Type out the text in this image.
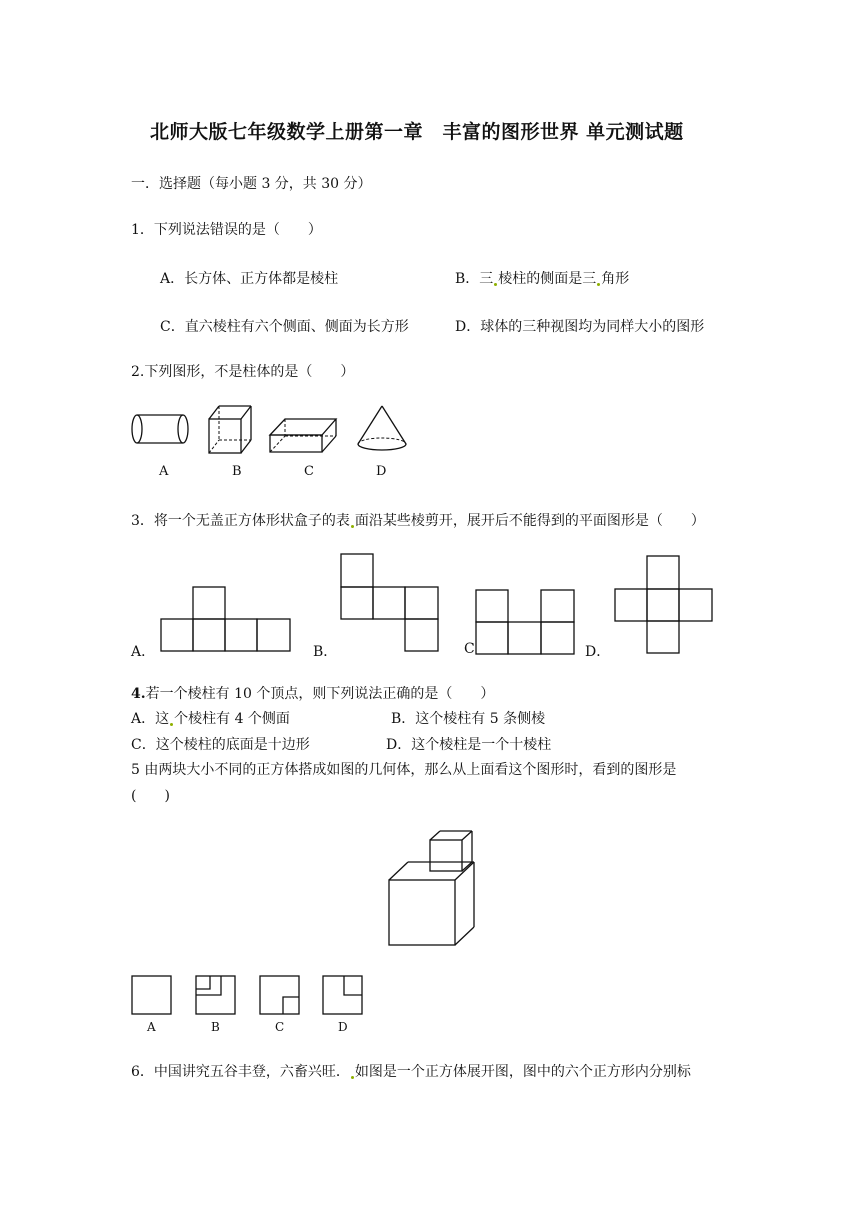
北师大版七年级数学上册第一章　丰富的图形世界 单元测试题
一．选择题（每小题 3 分，共 30 分）
1．下列说法错误的是（　　）
A．长方体、正方体都是棱柱	B．三 棱柱的侧面是三 角形
C．直六棱柱有六个侧面、侧面为长方形	D．球体的三种视图均为同样大小的图形
2.下列图形，不是柱体的是（　　）
A	B	C	D
3．将一个无盖正方体形状盒子的表 面沿某些棱剪开，展开后不能得到的平面图形是（　　）
A．	B．	C	D．
4.若一个棱柱有 10 个顶点，则下列说法正确的是（　　）
A．这 个棱柱有 4 个侧面	B．这个棱柱有 5 条侧棱
C．这个棱柱的底面是十边形	D．这个棱柱是一个十棱柱
5 由两块大小不同的正方体搭成如图的几何体，那么从上面看这个图形时，看到的图形是
(　　)
A	B	C	D
6．中国讲究五谷丰登，六畜兴旺． 如图是一个正方体展开图，图中的六个正方形内分别标
